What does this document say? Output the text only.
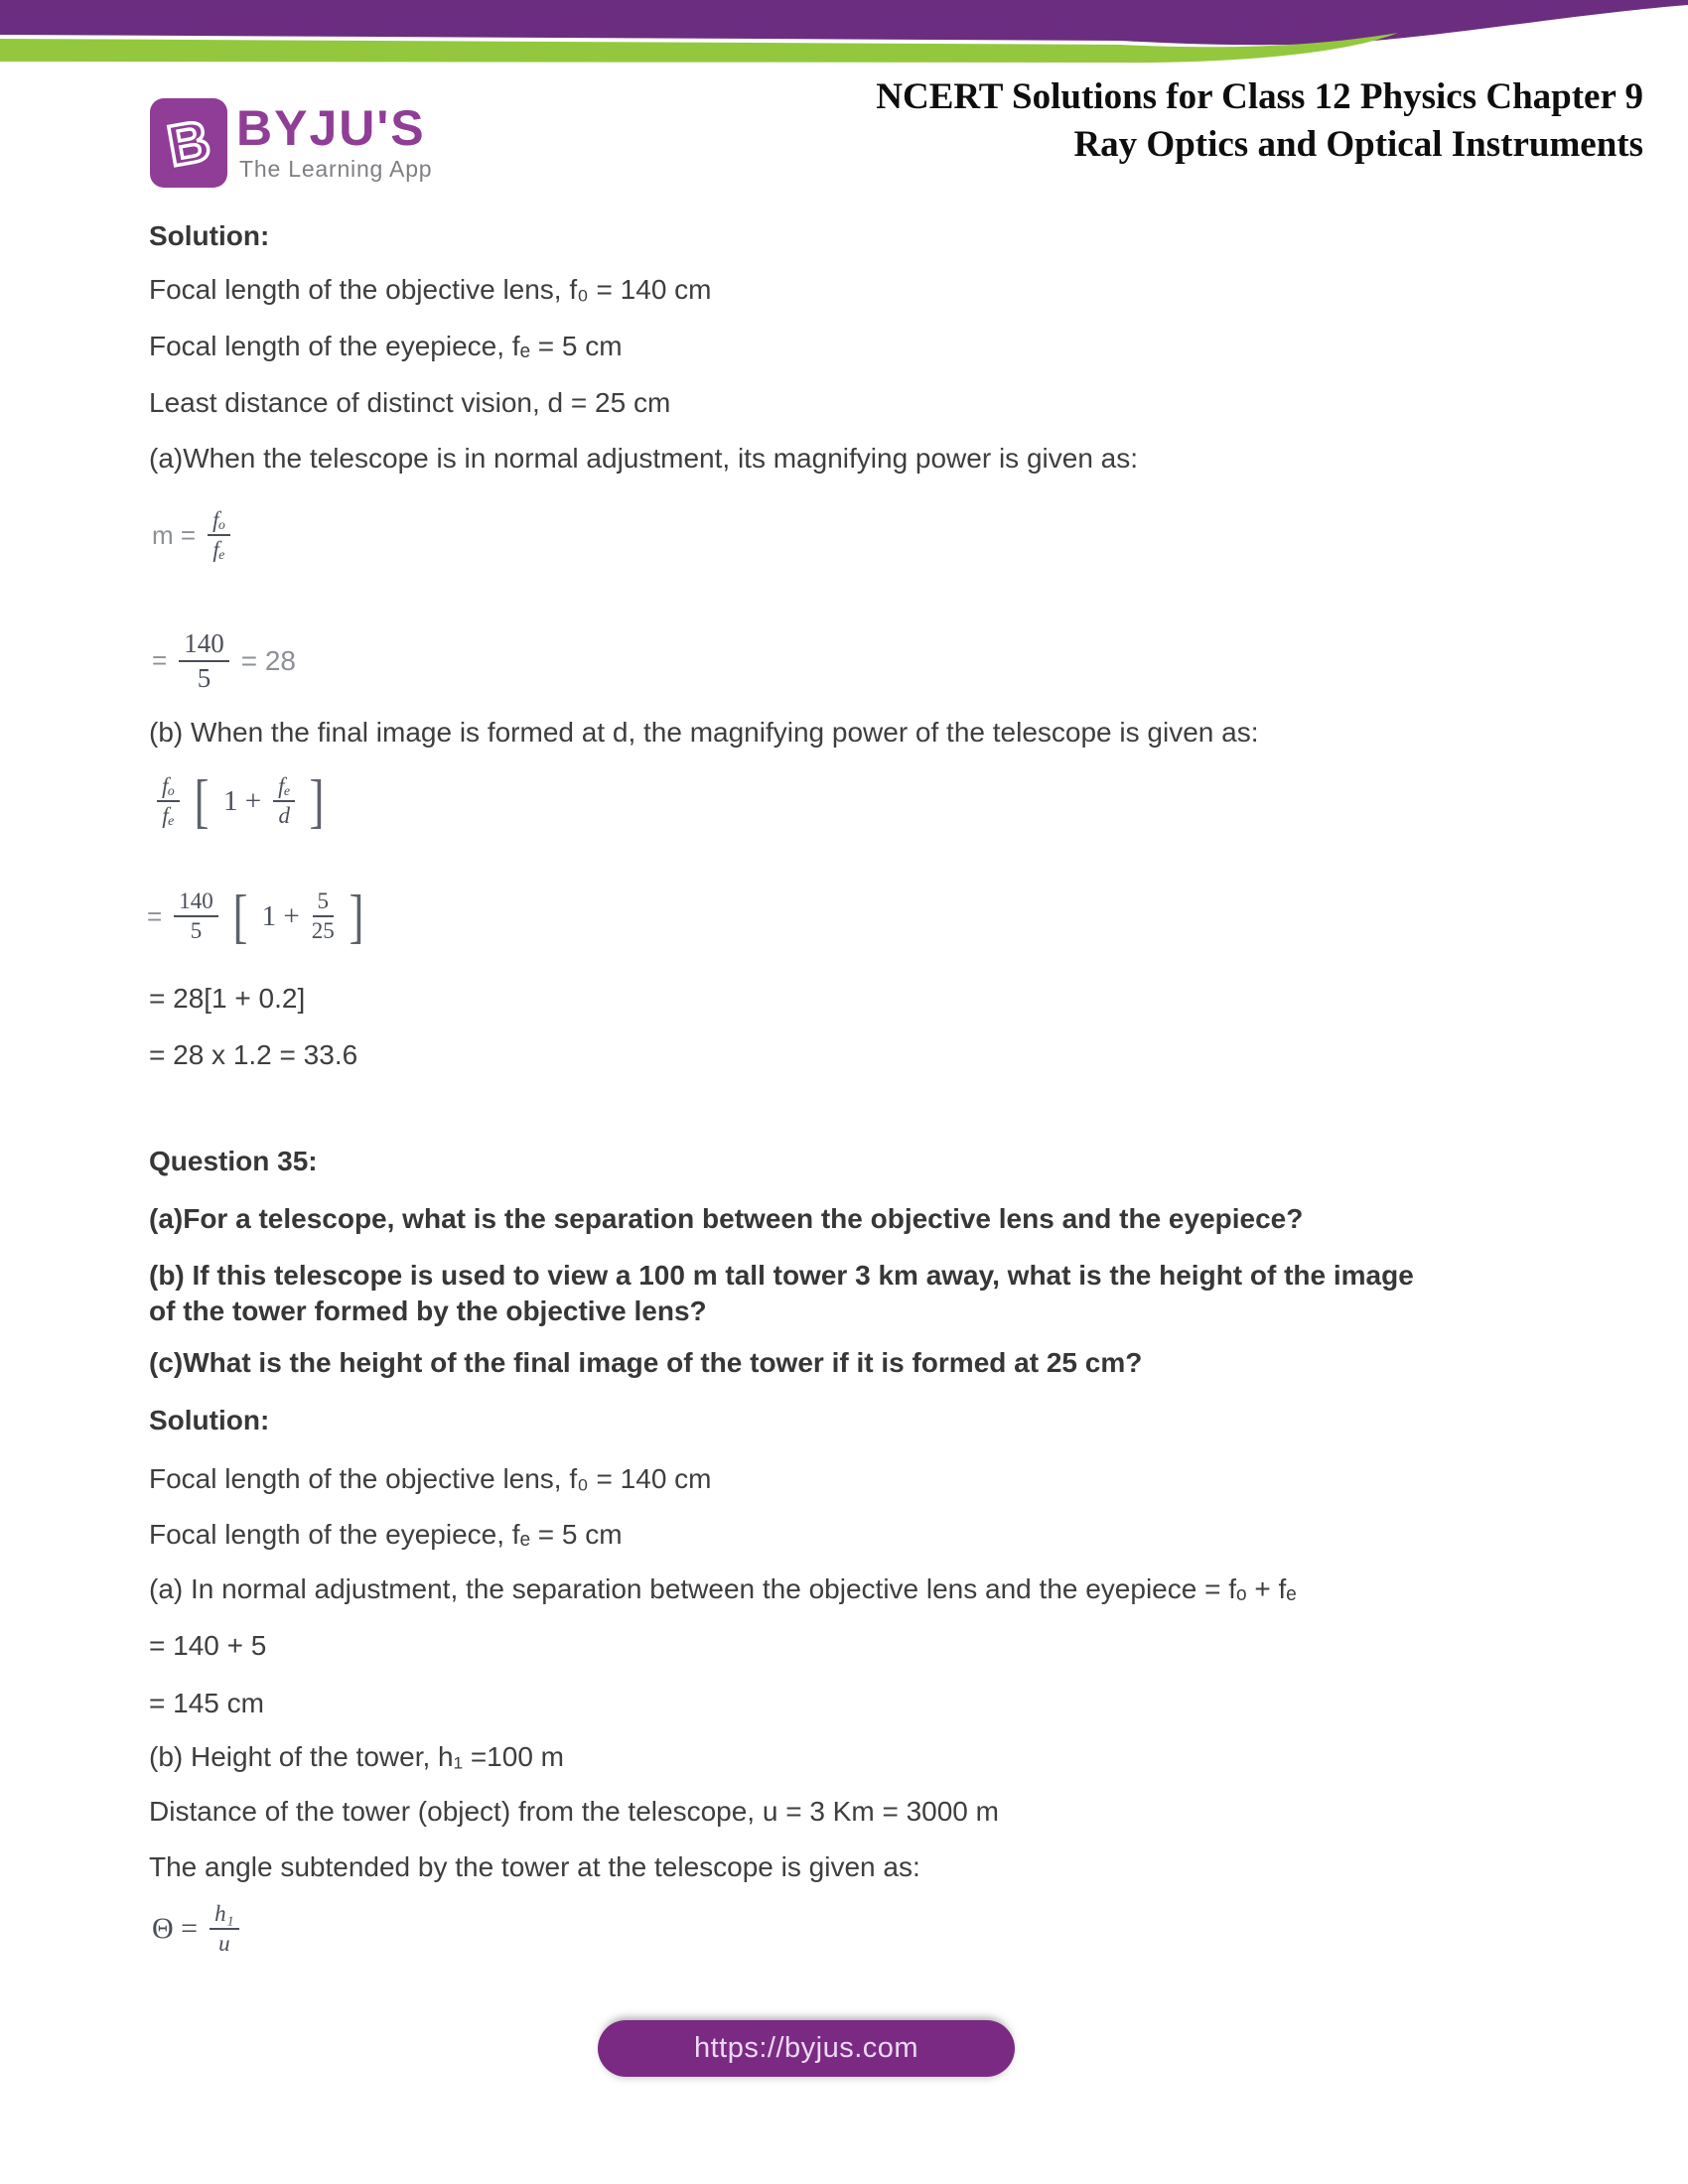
B BYJU'S
The Learning App
NCERT Solutions for Class 12 Physics Chapter 9
Ray Optics and Optical Instruments
Solution:
Focal length of the objective lens, f₀ = 140 cm
Focal length of the eyepiece, fₑ = 5 cm
Least distance of distinct vision, d = 25 cm
(a)When the telescope is in normal adjustment, its magnifying power is given as:
$m = \frac{\text{fₒ}}{\text{fₑ}}$
= $\frac{140}{5} = 28$
(b) When the final image is formed at d, the magnifying power of the telescope is given as:
$\frac{\text{fₒ}}{\text{fₑ}}$ [ $1 + \frac{\text{fₑ}}{d}$ ]
= $\frac{140}{5}$ [ $1 + \frac{5}{25}$ ]
= 28[1 + 0.2]
= 28 x 1.2 = 33.6
Question 35:
(a)For a telescope, what is the separation between the objective lens and the eyepiece?
(b) If this telescope is used to view a 100 m tall tower 3 km away, what is the height of the image
of the tower formed by the objective lens?
(c)What is the height of the final image of the tower if it is formed at 25 cm?
Solution:
Focal length of the objective lens, f₀ = 140 cm
Focal length of the eyepiece, fₑ = 5 cm
(a) In normal adjustment, the separation between the objective lens and the eyepiece = fₒ + fₑ
= 140 + 5
= 145 cm
(b) Height of the tower, h₁ =100 m
Distance of the tower (object) from the telescope, u = 3 Km = 3000 m
The angle subtended by the tower at the telescope is given as:
$\Theta = \frac{\text{h₁}}{u}$
https://byjus.com
